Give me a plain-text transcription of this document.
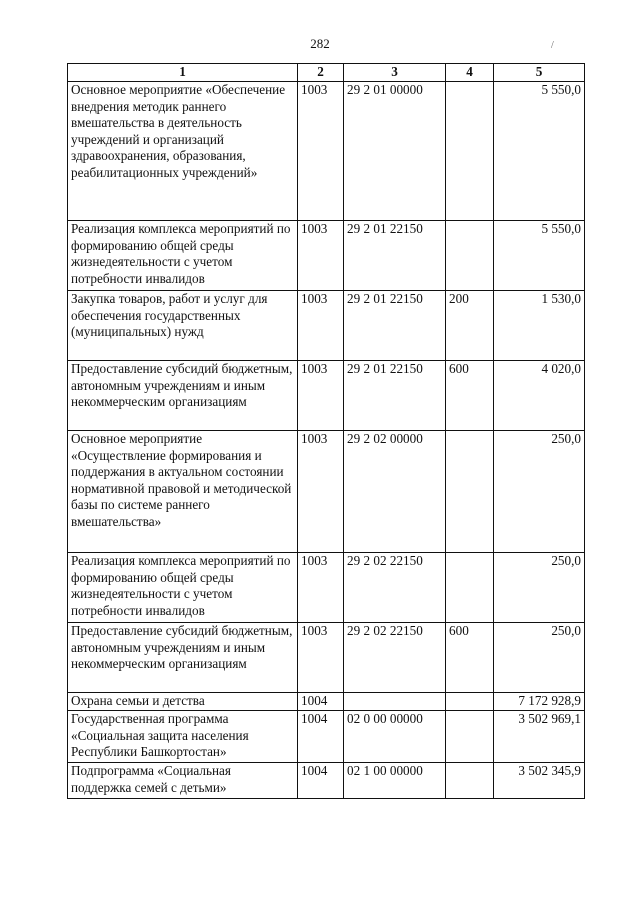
282	/
1	2	3	4	5
Основное мероприятие «Обеспечение внедрения методик раннего вмешательства в деятельность учреждений и организаций здравоохранения, образования, реабилитационных учреждений»	1003	29 2 01 00000		5 550,0
Реализация комплекса мероприятий по формированию общей среды жизнедеятельности с учетом потребности инвалидов	1003	29 2 01 22150		5 550,0
Закупка товаров, работ и услуг для обеспечения государственных (муниципальных) нужд	1003	29 2 01 22150	200	1 530,0
Предоставление субсидий бюджетным, автономным учреждениям и иным некоммерческим организациям	1003	29 2 01 22150	600	4 020,0
Основное мероприятие «Осуществление формирования и поддержания в актуальном состоянии нормативной правовой и методической базы по системе раннего вмешательства»	1003	29 2 02 00000		250,0
Реализация комплекса мероприятий по формированию общей среды жизнедеятельности с учетом потребности инвалидов	1003	29 2 02 22150		250,0
Предоставление субсидий бюджетным, автономным учреждениям и иным некоммерческим организациям	1003	29 2 02 22150	600	250,0
Охрана семьи и детства	1004			7 172 928,9
Государственная программа «Социальная защита населения Республики Башкортостан»	1004	02 0 00 00000		3 502 969,1
Подпрограмма «Социальная поддержка семей с детьми»	1004	02 1 00 00000		3 502 345,9
